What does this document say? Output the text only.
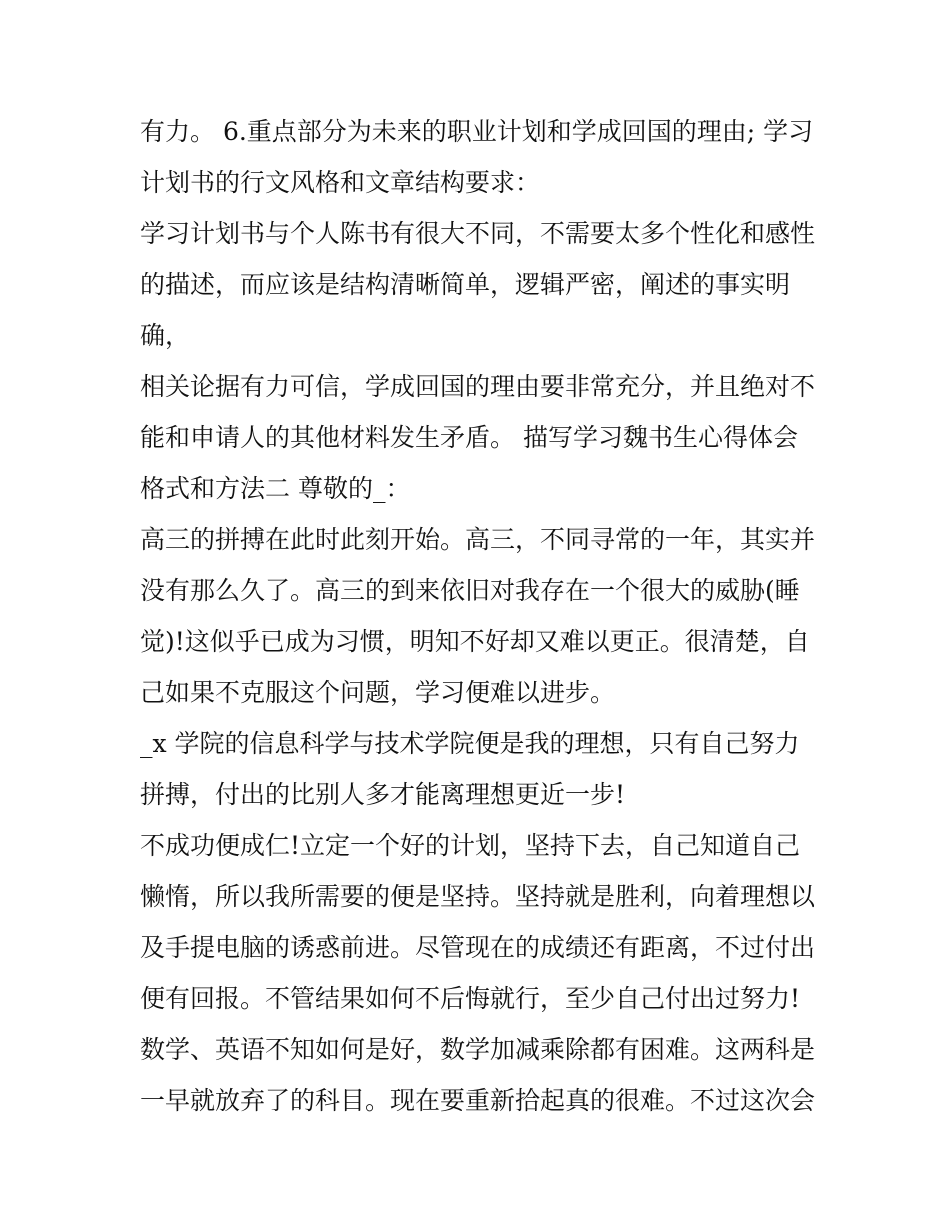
有力。 6.重点部分为未来的职业计划和学成回国的理由; 学习
计划书的行文风格和文章结构要求：
学习计划书与个人陈书有很大不同，不需要太多个性化和感性
的描述，而应该是结构清晰简单，逻辑严密，阐述的事实明
确，
相关论据有力可信，学成回国的理由要非常充分，并且绝对不
能和申请人的其他材料发生矛盾。 描写学习魏书生心得体会
格式和方法二 尊敬的_：
高三的拼搏在此时此刻开始。高三，不同寻常的一年，其实并
没有那么久了。高三的到来依旧对我存在一个很大的威胁(睡
觉)!这似乎已成为习惯，明知不好却又难以更正。很清楚，自
己如果不克服这个问题，学习便难以进步。
_x 学院的信息科学与技术学院便是我的理想，只有自己努力
拼搏，付出的比别人多才能离理想更近一步!
不成功便成仁!立定一个好的计划，坚持下去，自己知道自己
懒惰，所以我所需要的便是坚持。坚持就是胜利，向着理想以
及手提电脑的诱惑前进。尽管现在的成绩还有距离，不过付出
便有回报。不管结果如何不后悔就行，至少自己付出过努力!
数学、英语不知如何是好，数学加减乘除都有困难。这两科是
一早就放弃了的科目。现在要重新拾起真的很难。不过这次会
